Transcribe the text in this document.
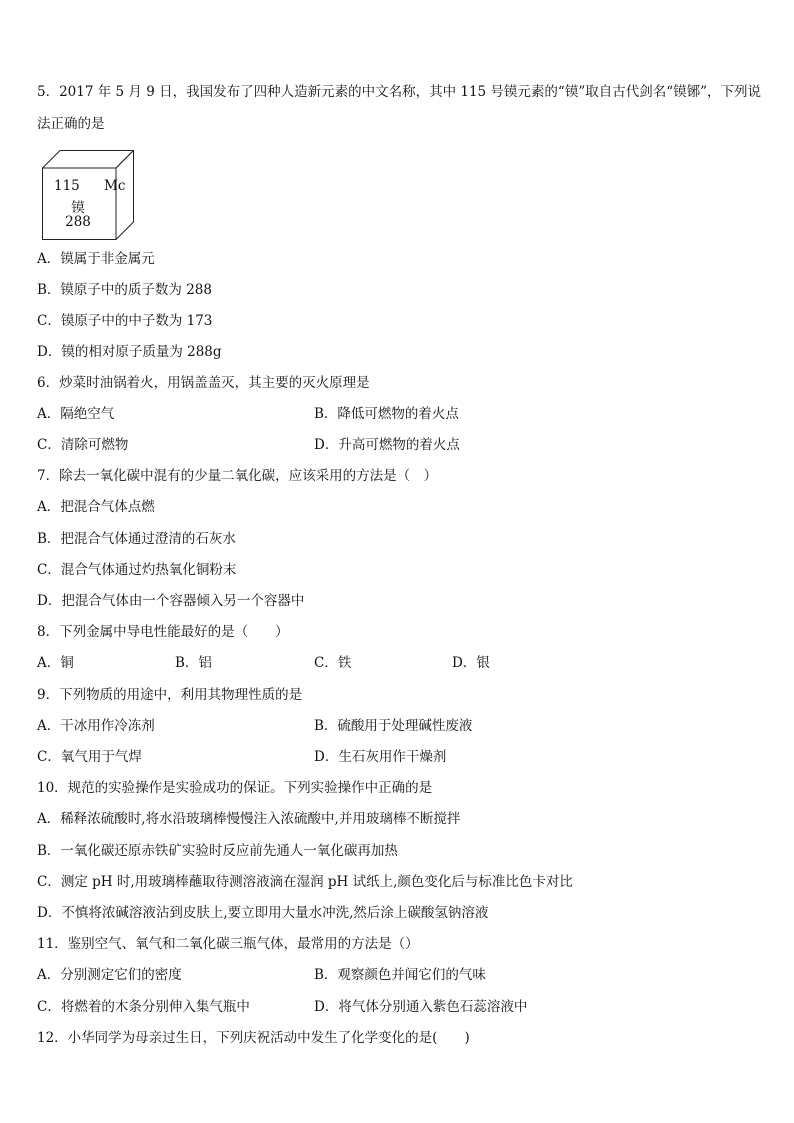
5．2017 年 5 月 9 日，我国发布了四种人造新元素的中文名称，其中 115 号镆元素的“镆”取自古代剑名“镆铘”，下列说
法正确的是
115 Mc
镆
288
A．镆属于非金属元
B．镆原子中的质子数为 288
C．镆原子中的中子数为 173
D．镆的相对原子质量为 288g
6．炒菜时油锅着火，用锅盖盖灭，其主要的灭火原理是
A．隔绝空气	B．降低可燃物的着火点
C．清除可燃物	D．升高可燃物的着火点
7．除去一氧化碳中混有的少量二氧化碳，应该采用的方法是（　）
A．把混合气体点燃
B．把混合气体通过澄清的石灰水
C．混合气体通过灼热氧化铜粉末
D．把混合气体由一个容器倾入另一个容器中
8．下列金属中导电性能最好的是（　　）
A．铜	B．铝	C．铁	D．银
9．下列物质的用途中，利用其物理性质的是
A．干冰用作冷冻剂	B．硫酸用于处理碱性废液
C．氧气用于气焊	D．生石灰用作干燥剂
10．规范的实验操作是实验成功的保证。下列实验操作中正确的是
A．稀释浓硫酸时,将水沿玻璃棒慢慢注入浓硫酸中,并用玻璃棒不断搅拌
B．一氧化碳还原赤铁矿实验时反应前先通人一氧化碳再加热
C．测定 pH 时,用玻璃棒蘸取待测溶液滴在湿润 pH 试纸上,颜色变化后与标准比色卡对比
D．不慎将浓碱溶液沾到皮肤上,要立即用大量水冲洗,然后涂上碳酸氢钠溶液
11．鉴别空气、氧气和二氧化碳三瓶气体，最常用的方法是（）
A．分别测定它们的密度	B．观察颜色并闻它们的气味
C．将燃着的木条分别伸入集气瓶中	D．将气体分别通入紫色石蕊溶液中
12．小华同学为母亲过生日，下列庆祝活动中发生了化学变化的是(　　)
